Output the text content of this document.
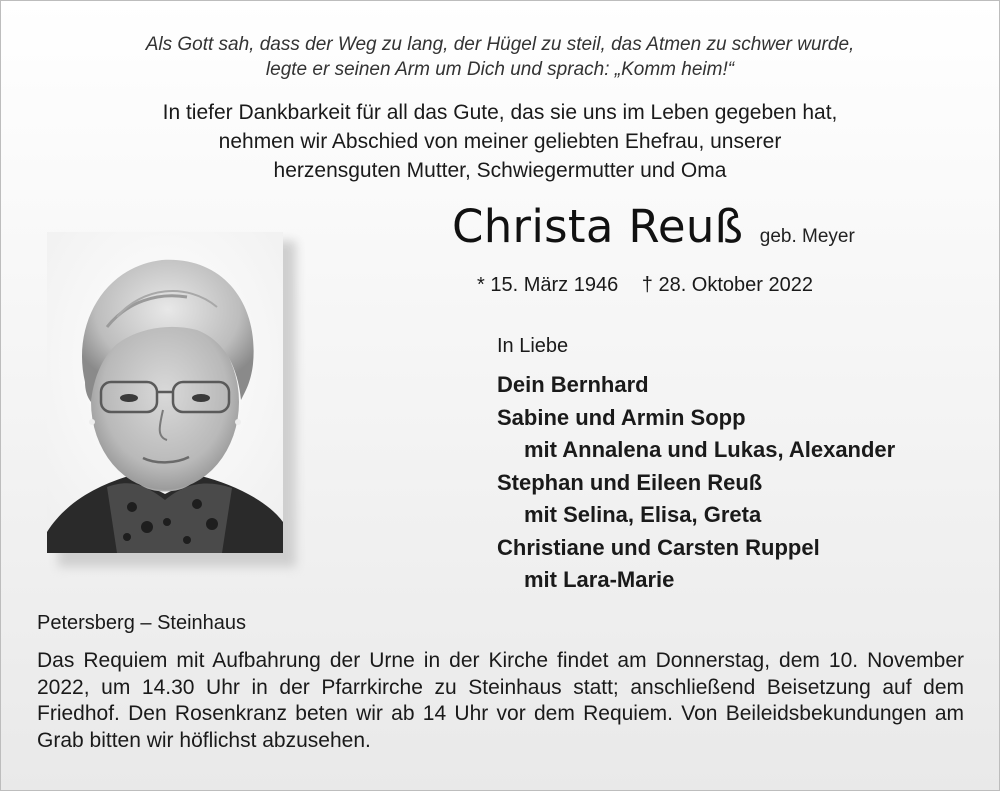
Als Gott sah, dass der Weg zu lang, der Hügel zu steil, das Atmen zu schwer wurde,
legte er seinen Arm um Dich und sprach: „Komm heim!“
In tiefer Dankbarkeit für all das Gute, das sie uns im Leben gegeben hat,
nehmen wir Abschied von meiner geliebten Ehefrau, unserer
herzensguten Mutter, Schwiegermutter und Oma
Christa Reuß geb. Meyer
* 15. März 1946 † 28. Oktober 2022
In Liebe
Dein Bernhard
Sabine und Armin Sopp
mit Annalena und Lukas, Alexander
Stephan und Eileen Reuß
mit Selina, Elisa, Greta
Christiane und Carsten Ruppel
mit Lara-Marie
Petersberg – Steinhaus
Das Requiem mit Aufbahrung der Urne in der Kirche findet am Donnerstag, dem 10. November 2022, um 14.30 Uhr in der Pfarrkirche zu Steinhaus statt; anschließend Beisetzung auf dem Friedhof. Den Rosenkranz beten wir ab 14 Uhr vor dem Requiem. Von Beileidsbekundungen am Grab bitten wir höflichst abzusehen.
